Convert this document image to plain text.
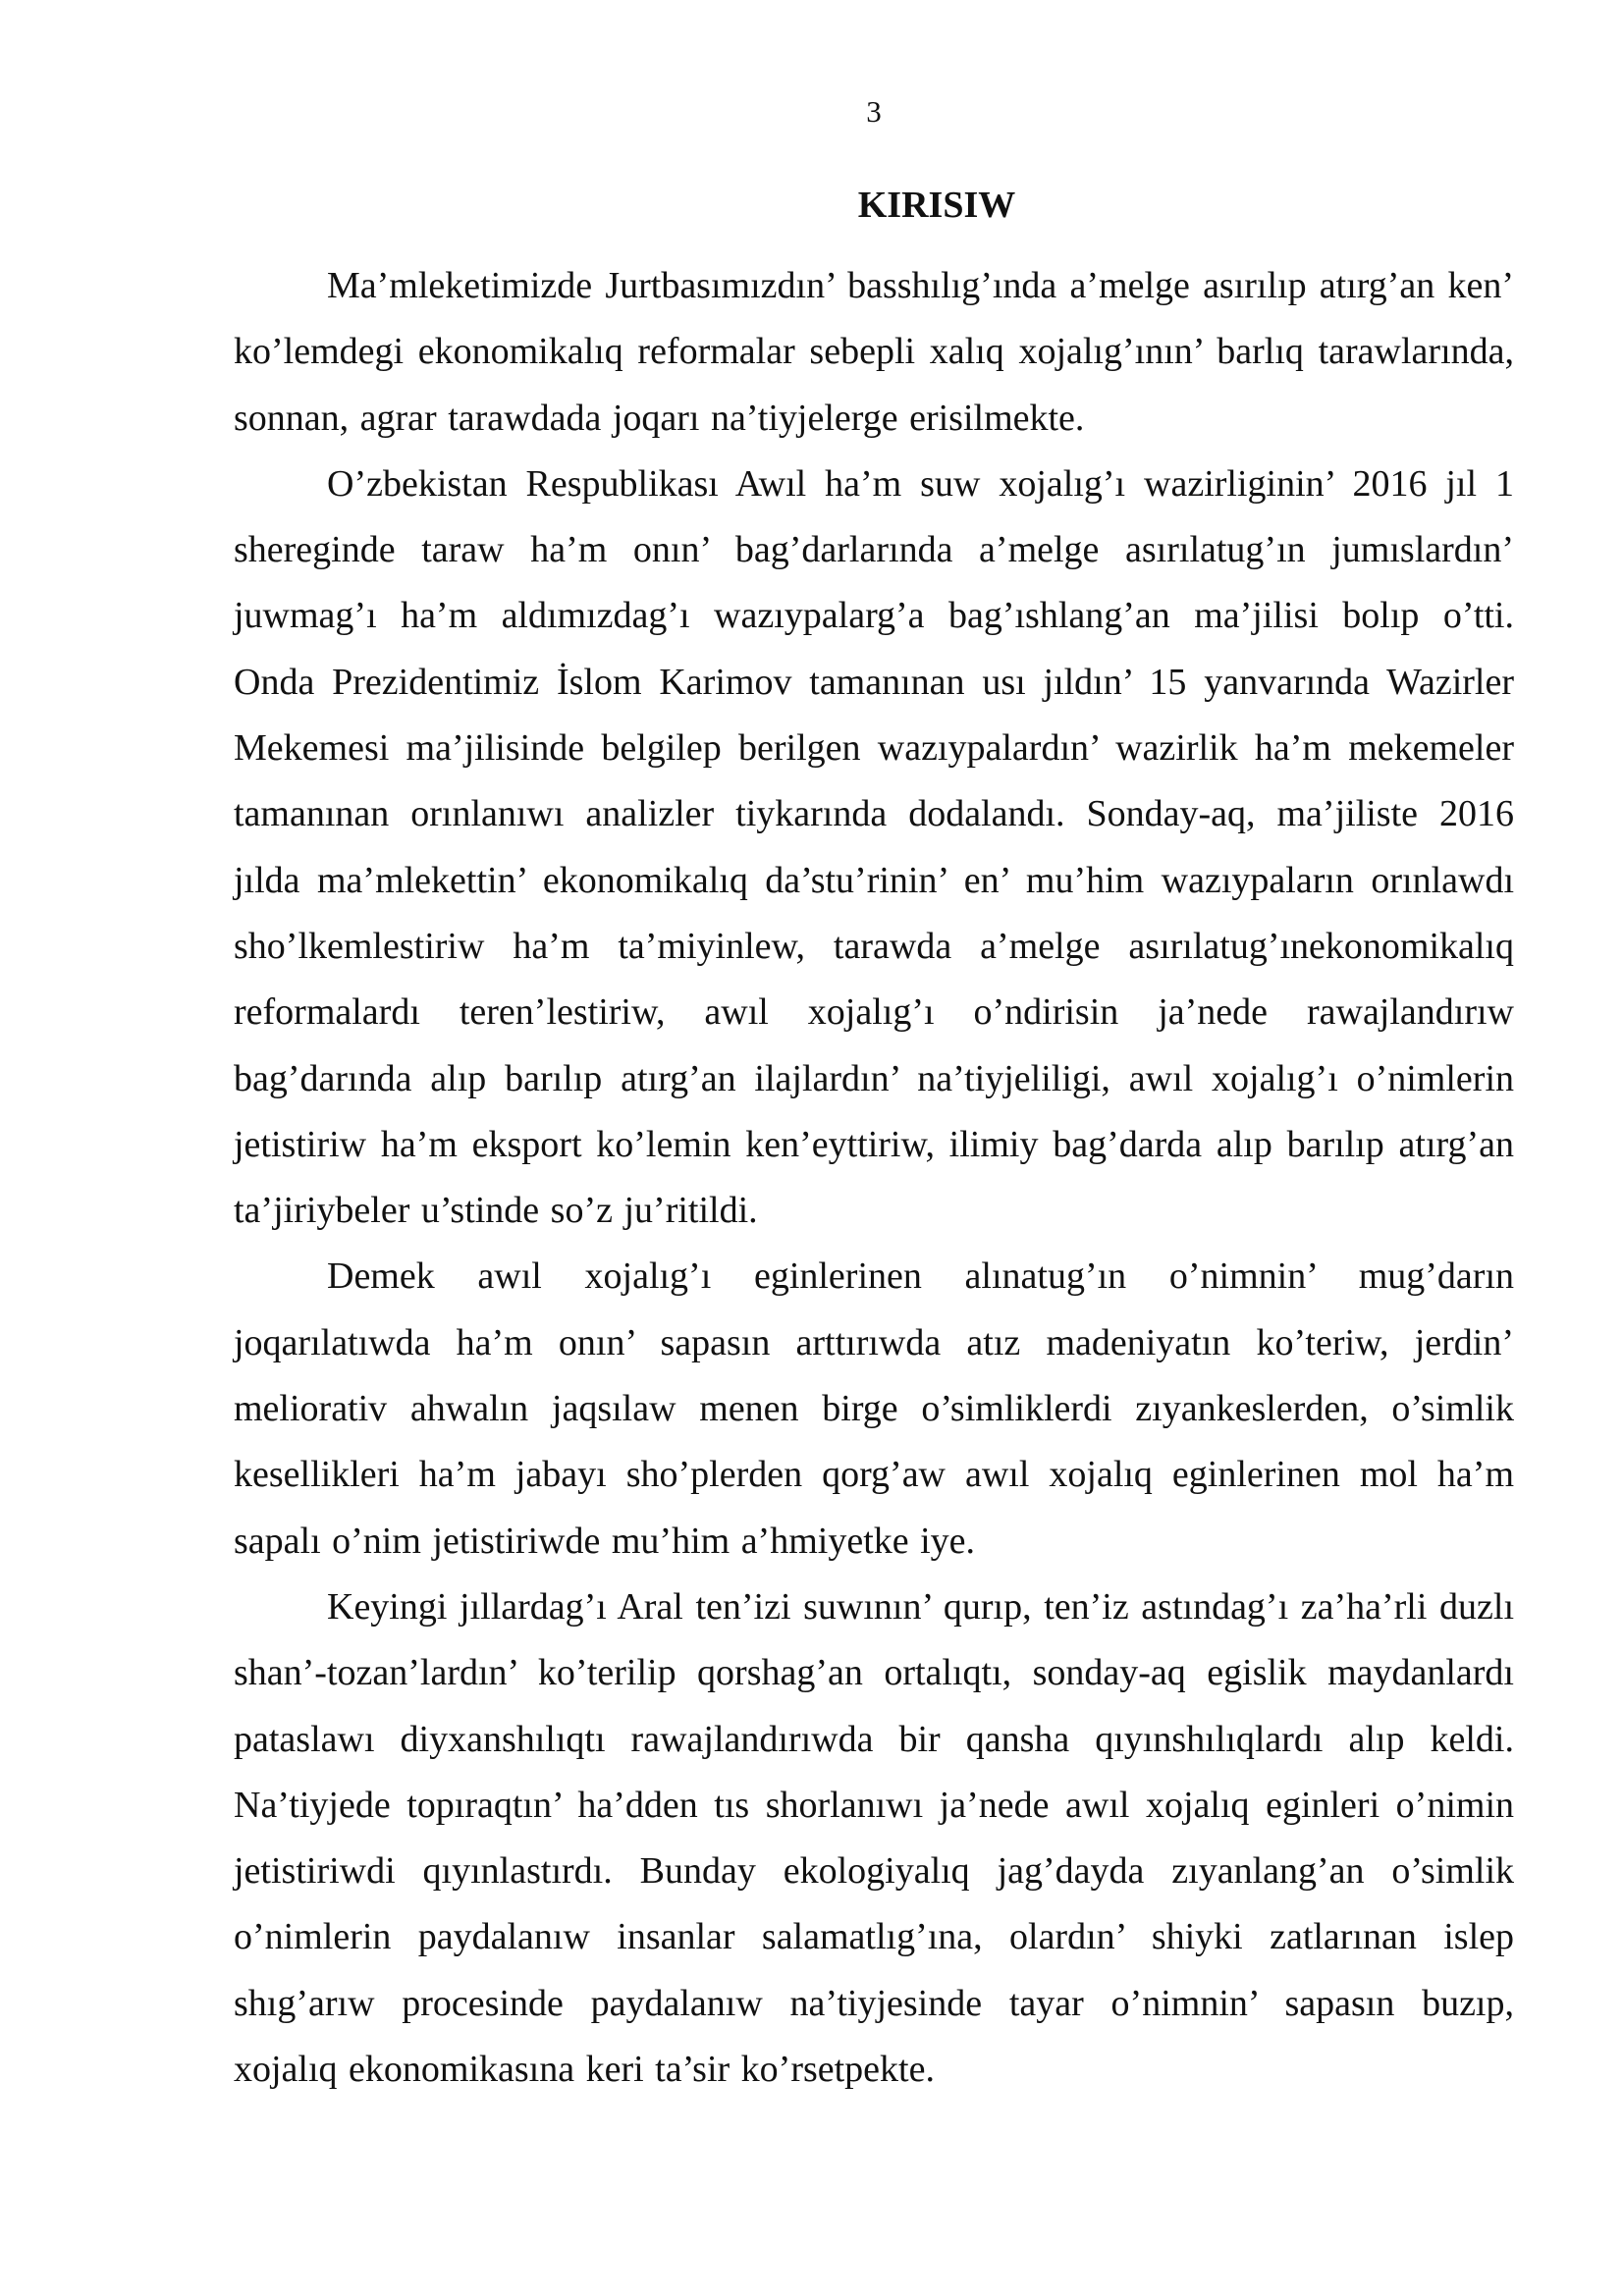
3
KIRISIW

Ma’mleketimizde Jurtbasımızdın’ basshılıg’ında a’melge asırılıp atırg’an ken’ ko’lemdegi ekonomikalıq reformalar sebepli xalıq xojalıg’ının’ barlıq tarawlarında, sonnan, agrar tarawdada joqarı na’tiyjelerge erisilmekte.

O’zbekistan Respublikası Awıl ha’m suw xojalıg’ı wazirliginin’ 2016 jıl 1 shereginde taraw ha’m onın’ bag’darlarında a’melge asırılatug’ın jumıslardın’ juwmag’ı ha’m aldımızdag’ı wazıypalarg’a bag’ıshlang’an ma’jilisi bolıp o’tti. Onda Prezidentimiz İslom Karimov tamanınan usı jıldın’ 15 yanvarında Wazirler Mekemesi ma’jilisinde belgilep berilgen wazıypalardın’ wazirlik ha’m mekemeler tamanınan orınlanıwı analizler tiykarında dodalandı. Sonday-aq, ma’jiliste 2016 jılda ma’mlekettin’ ekonomikalıq da’stu’rinin’ en’ mu’him wazıypaların orınlawdı sho’lkemlestiriw ha’m ta’miyinlew, tarawda a’melge asırılatug’ınekonomikalıq reformalardı teren’lestiriw, awıl xojalıg’ı o’ndirisin ja’nede rawajlandırıw bag’darında alıp barılıp atırg’an ilajlardın’ na’tiyjeliligi, awıl xojalıg’ı o’nimlerin jetistiriw ha’m eksport ko’lemin ken’eyttiriw, ilimiy bag’darda alıp barılıp atırg’an ta’jiriybeler u’stinde so’z ju’ritildi.

Demek awıl xojalıg’ı eginlerinen alınatug’ın o’nimnin’ mug’darın joqarılatıwda ha’m onın’ sapasın arttırıwda atız madeniyatın ko’teriw, jerdin’ meliorativ ahwalın jaqsılaw menen birge o’simliklerdi zıyankeslerden, o’simlik kesellikleri ha’m jabayı sho’plerden qorg’aw awıl xojalıq eginlerinen mol ha’m sapalı o’nim jetistiriwde mu’him a’hmiyetke iye.

Keyingi jıllardag’ı Aral ten’izi suwının’ qurıp, ten’iz astındag’ı za’ha’rli duzlı shan’-tozan’lardın’ ko’terilip qorshag’an ortalıqtı, sonday-aq egislik maydanlardı pataslawı diyxanshılıqtı rawajlandırıwda bir qansha qıyınshılıqlardı alıp keldi. Na’tiyjede topıraqtın’ ha’dden tıs shorlanıwı ja’nede awıl xojalıq eginleri o’nimin jetistiriwdi qıyınlastırdı. Bunday ekologiyalıq jag’dayda zıyanlang’an o’simlik o’nimlerin paydalanıw insanlar salamatlıg’ına, olardın’ shiyki zatlarınan islep shıg’arıw procesinde paydalanıw na’tiyjesinde tayar o’nimnin’ sapasın buzıp, xojalıq ekonomikasına keri ta’sir ko’rsetpekte.
